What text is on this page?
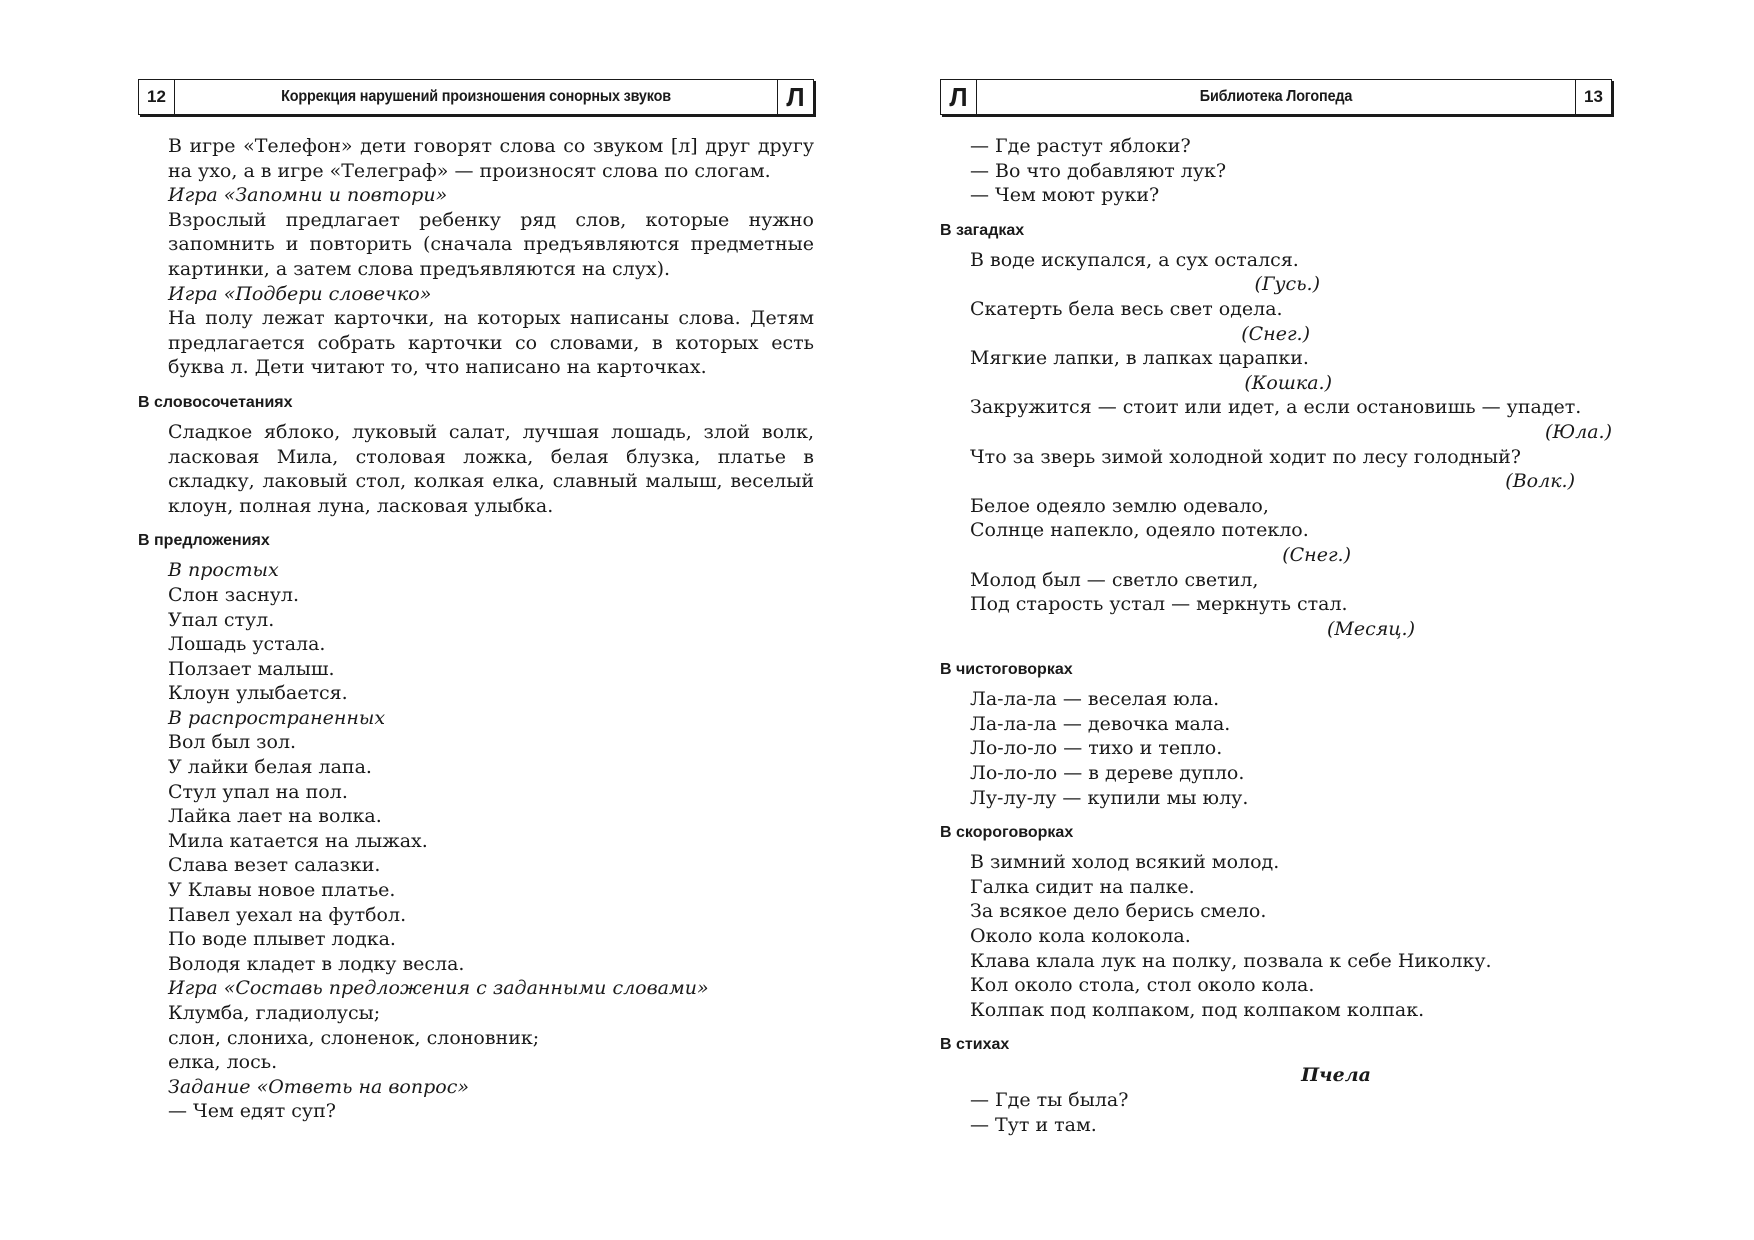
12	Коррекция нарушений произношения сонорных звуков	Л

В игре «Телефон» дети говорят слова со звуком [л] друг другу на ухо, а в игре «Телеграф» — произносят слова по слогам.

Игра «Запомни и повтори»

Взрослый предлагает ребенку ряд слов, которые нужно запомнить и повторить (сначала предъявляются предметные картинки, а затем слова предъявляются на слух).

Игра «Подбери словечко»

На полу лежат карточки, на которых написаны слова. Детям предлагается собрать карточки со словами, в которых есть буква л. Дети читают то, что написано на карточках.

В словосочетаниях

Сладкое яблоко, луковый салат, лучшая лошадь, злой волк, ласковая Мила, столовая ложка, белая блузка, платье в складку, лаковый стол, колкая елка, славный малыш, веселый клоун, полная луна, ласковая улыбка.

В предложениях

В простых

Слон заснул.

Упал стул.

Лошадь устала.

Ползает малыш.

Клоун улыбается.

В распространенных

Вол был зол.

У лайки белая лапа.

Стул упал на пол.

Лайка лает на волка.

Мила катается на лыжах.

Слава везет салазки.

У Клавы новое платье.

Павел уехал на футбол.

По воде плывет лодка.

Володя кладет в лодку весла.

Игра «Составь предложения с заданными словами»

Клумба, гладиолусы;

слон, слониха, слоненок, слоновник;

елка, лось.

Задание «Ответь на вопрос»

— Чем едят суп?

Л	Библиотека Логопеда	13

— Где растут яблоки?

— Во что добавляют лук?

— Чем моют руки?

В загадках

В воде искупался, а сух остался.

(Гусь.)

Скатерть бела весь свет одела.

(Снег.)

Мягкие лапки, в лапках царапки.

(Кошка.)

Закружится — стоит или идет, а если остановишь — упадет.

(Юла.)

Что за зверь зимой холодной ходит по лесу голодный?

(Волк.)

Белое одеяло землю одевало,

Солнце напекло, одеяло потекло.

(Снег.)

Молод был — светло светил,

Под старость устал — меркнуть стал.

(Месяц.)

В чистоговорках

Ла-ла-ла — веселая юла.

Ла-ла-ла — девочка мала.

Ло-ло-ло — тихо и тепло.

Ло-ло-ло — в дереве дупло.

Лу-лу-лу — купили мы юлу.

В скороговорках

В зимний холод всякий молод.

Галка сидит на палке.

За всякое дело берись смело.

Около кола колокола.

Клава клала лук на полку, позвала к себе Николку.

Кол около стола, стол около кола.

Колпак под колпаком, под колпаком колпак.

В стихах
Пчела

— Где ты была?

— Тут и там.
